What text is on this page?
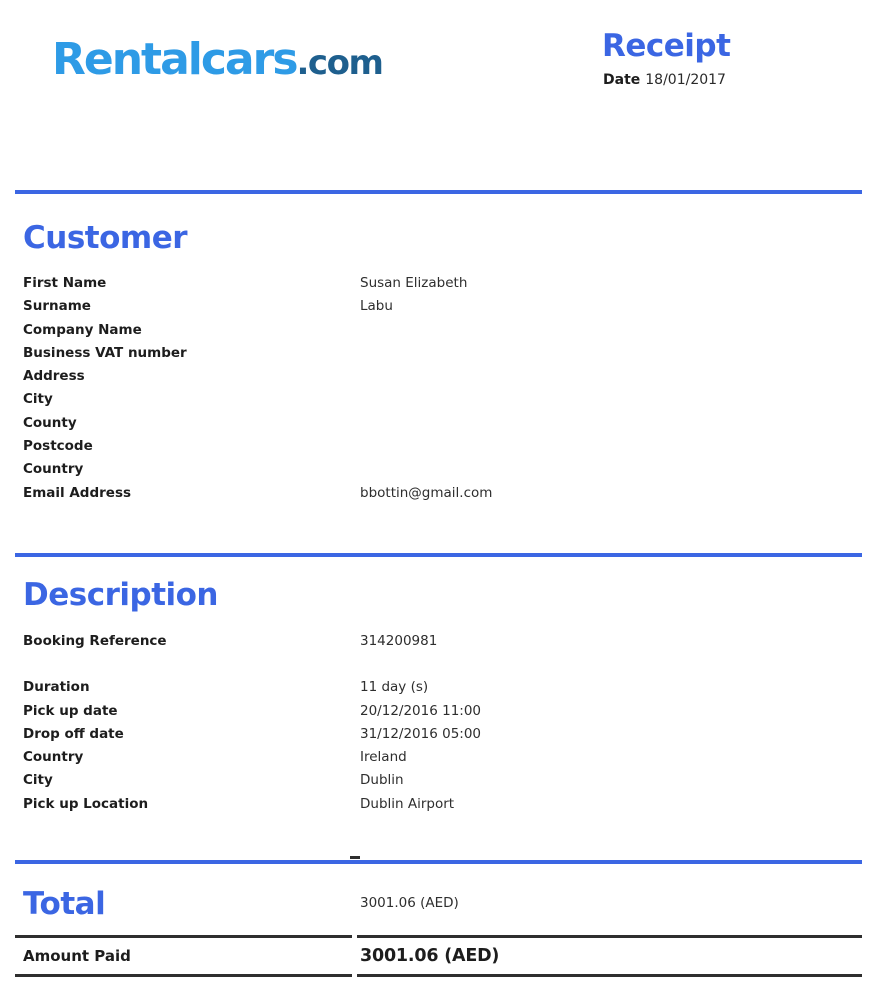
Rentalcars .com	Receipt
Date 18/01/2017
Customer
First Name	Susan Elizabeth
Surname	Labu
Company Name
Business VAT number
Address
City
County
Postcode
Country
Email Address	bbottin@gmail.com
Description
Booking Reference	314200981
Duration	11 day (s)
Pick up date	20/12/2016 11:00
Drop off date	31/12/2016 05:00
Country	Ireland
City	Dublin
Pick up Location	Dublin Airport
Total	3001.06 (AED)
Amount Paid	3001.06 (AED)
